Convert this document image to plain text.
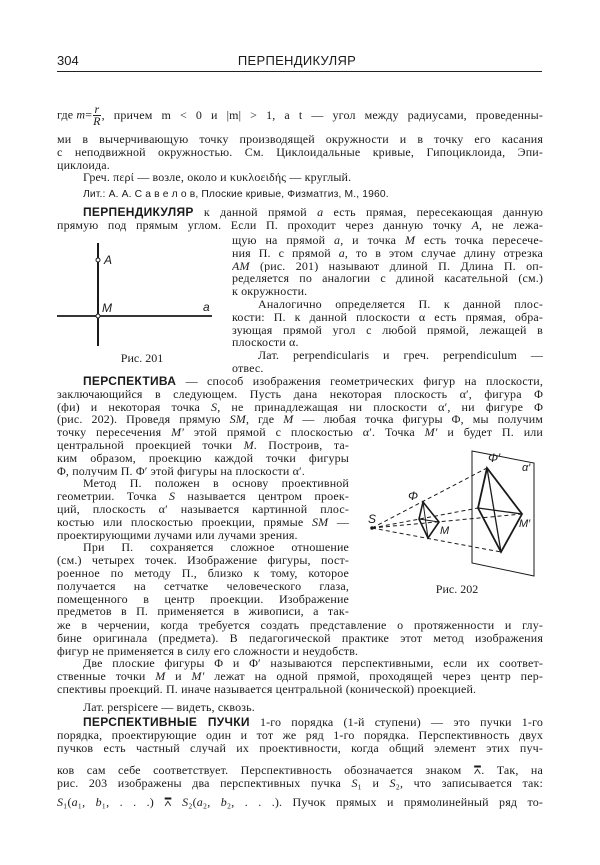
304	ПЕРПЕНДИКУЛЯР
где $m= \frac{r}{R}$ , причем m < 0 и |m| > 1, а t — угол между радиусами, проведенны-
ми в вычерчивающую точку производящей окружности и в точку его касания
с неподвижной окружностью. См. Циклоидальные кривые, Гипоциклоида, Эпи-
циклоида.
Греч. περί — возле, около и κυκλοειδής — круглый.
Лит.: А. А. С а в е л о в, Плоские кривые, Физматгиз, М., 1960.
ПЕРПЕНДИКУЛЯР к данной прямой a есть прямая, пересекающая данную
прямую под прямым углом. Если П. проходит через данную точку A, не лежа-
щую на прямой a, и точка M есть точка пересече-
ния П. с прямой a, то в этом случае длину отрезка
AM (рис. 201) называют длиной П. Длина П. оп-
ределяется по аналогии с длиной касательной (см.)
к окружности.
Аналогично определяется П. к данной плос-
кости: П. к данной плоскости α есть прямая, обра-
зующая прямой угол с любой прямой, лежащей в
плоскости α.
Лат. perpendicularis и греч. perpendiculum —
отвес.
ПЕРСПЕКТИВА — способ изображения геометрических фигур на плоскости,
заключающийся в следующем. Пусть дана некоторая плоскость α′, фигура Φ
(фи) и некоторая точка S, не принадлежащая ни плоскости α′, ни фигуре Φ
(рис. 202). Проведя прямую SM, где M — любая точка фигуры Φ, мы получим
точку пересечения M′ этой прямой с плоскостью α′. Точка M′ и будет П. или
центральной проекцией точки M. Построив, та-
ким образом, проекцию каждой точки фигуры
Φ, получим П. Φ′ этой фигуры на плоскости α′.
Метод П. положен в основу проективной
геометрии. Точка S называется центром проек-
ций, плоскость α′ называется картинной плос-
костью или плоскостью проекции, прямые SM —
проектирующими лучами или лучами зрения.
При П. сохраняется сложное отношение
(см.) четырех точек. Изображение фигуры, пост-
роенное по методу П., близко к тому, которое
получается на сетчатке человеческого глаза,
помещенного в центр проекции. Изображение
предметов в П. применяется в живописи, а так-
же в черчении, когда требуется создать представление о протяженности и глу-
бине оригинала (предмета). В педагогической практике этот метод изображения
фигур не применяется в силу его сложности и неудобств.
Две плоские фигуры Φ и Φ′ называются перспективными, если их соответ-
ственные точки M и M′ лежат на одной прямой, проходящей через центр пер-
спективы проекций. П. иначе называется центральной (конической) проекцией.
Лат. perspicere — видеть, сквозь.
ПЕРСПЕКТИВНЫЕ ПУЧКИ 1-го порядка (1-й ступени) — это пучки 1-го
порядка, проектирующие один и тот же ряд 1-го порядка. Перспективность двух
пучков есть частный случай их проективности, когда общий элемент этих пуч-
ков сам себе соответствует. Перспективность обозначается знаком ⩞. Так, на
рис. 203 изображены два перспективных пучка S₁ и S₂, что записывается так:
S₁(a₁, b₁, . . .) ⩞ S₂(a₂, b₂, . . .). Пучок прямых и прямолинейный ряд то-
A
M	a
Рис. 201
S
Φ
M
Φ′
α′
M′
Рис. 202
